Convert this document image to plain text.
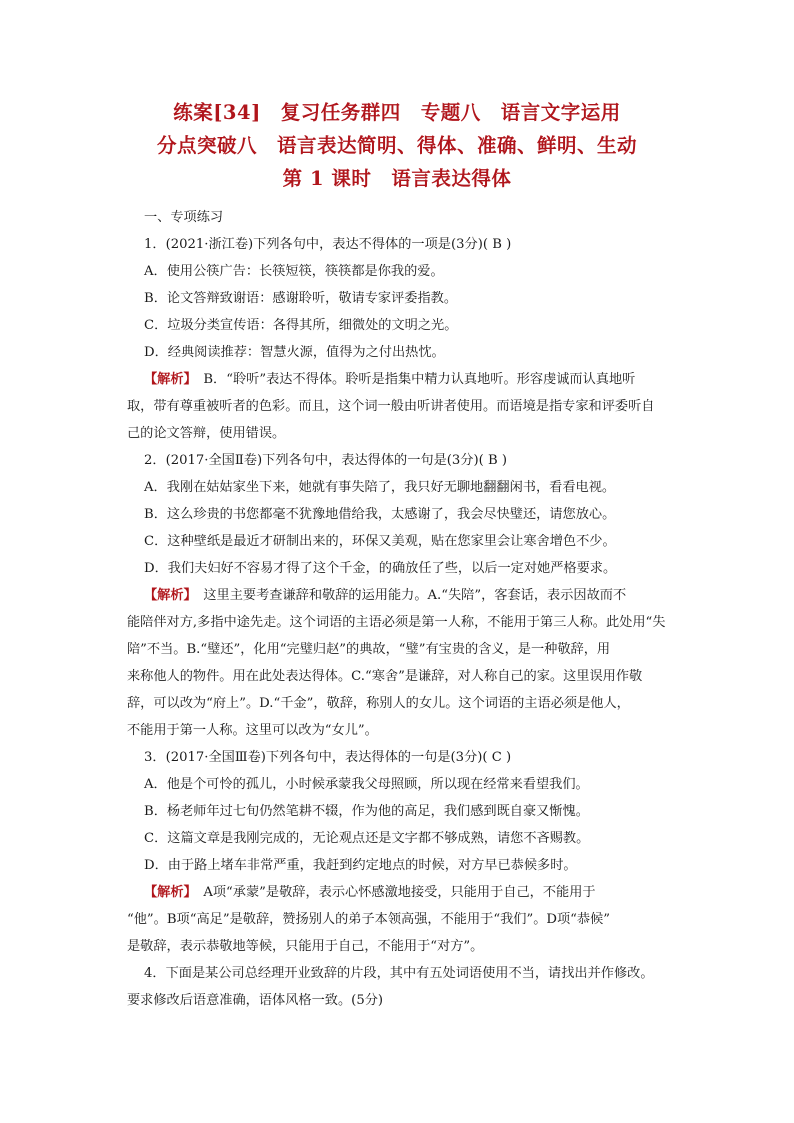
练案[34]　复习任务群四　专题八　语言文字运用
分点突破八　语言表达简明、得体、准确、鲜明、生动
第 1 课时　语言表达得体
一、专项练习
1．(2021·浙江卷)下列各句中，表达不得体的一项是(3分)( B )
A．使用公筷广告：长筷短筷，筷筷都是你我的爱。
B．论文答辩致谢语：感谢聆听，敬请专家评委指教。
C．垃圾分类宣传语：各得其所，细微处的文明之光。
D．经典阅读推荐：智慧火源，值得为之付出热忱。
【解析】　B．“聆听”表达不得体。聆听是指集中精力认真地听。形容虔诚而认真地听
取，带有尊重被听者的色彩。而且，这个词一般由听讲者使用。而语境是指专家和评委听自
己的论文答辩，使用错误。
2．(2017·全国Ⅱ卷)下列各句中，表达得体的一句是(3分)( B )
A．我刚在姑姑家坐下来，她就有事失陪了，我只好无聊地翻翻闲书，看看电视。
B．这么珍贵的书您都毫不犹豫地借给我，太感谢了，我会尽快璧还，请您放心。
C．这种壁纸是最近才研制出来的，环保又美观，贴在您家里会让寒舍增色不少。
D．我们夫妇好不容易才得了这个千金，的确放任了些，以后一定对她严格要求。
【解析】　这里主要考查谦辞和敬辞的运用能力。A.“失陪”，客套话，表示因故而不
能陪伴对方,多指中途先走。这个词语的主语必须是第一人称，不能用于第三人称。此处用“失
陪”不当。B.“璧还”，化用“完璧归赵”的典故，“璧”有宝贵的含义，是一种敬辞，用
来称他人的物件。用在此处表达得体。C.“寒舍”是谦辞，对人称自己的家。这里误用作敬
辞，可以改为“府上”。D.“千金”，敬辞，称别人的女儿。这个词语的主语必须是他人，
不能用于第一人称。这里可以改为“女儿”。
3．(2017·全国Ⅲ卷)下列各句中，表达得体的一句是(3分)( C )
A．他是个可怜的孤儿，小时候承蒙我父母照顾，所以现在经常来看望我们。
B．杨老师年过七旬仍然笔耕不辍，作为他的高足，我们感到既自豪又惭愧。
C．这篇文章是我刚完成的，无论观点还是文字都不够成熟，请您不吝赐教。
D．由于路上堵车非常严重，我赶到约定地点的时候，对方早已恭候多时。
【解析】　A项“承蒙”是敬辞，表示心怀感激地接受，只能用于自己，不能用于
“他”。B项“高足”是敬辞，赞扬别人的弟子本领高强，不能用于“我们”。D项“恭候”
是敬辞，表示恭敬地等候，只能用于自己，不能用于“对方”。
4．下面是某公司总经理开业致辞的片段，其中有五处词语使用不当，请找出并作修改。
要求修改后语意准确，语体风格一致。(5分)
